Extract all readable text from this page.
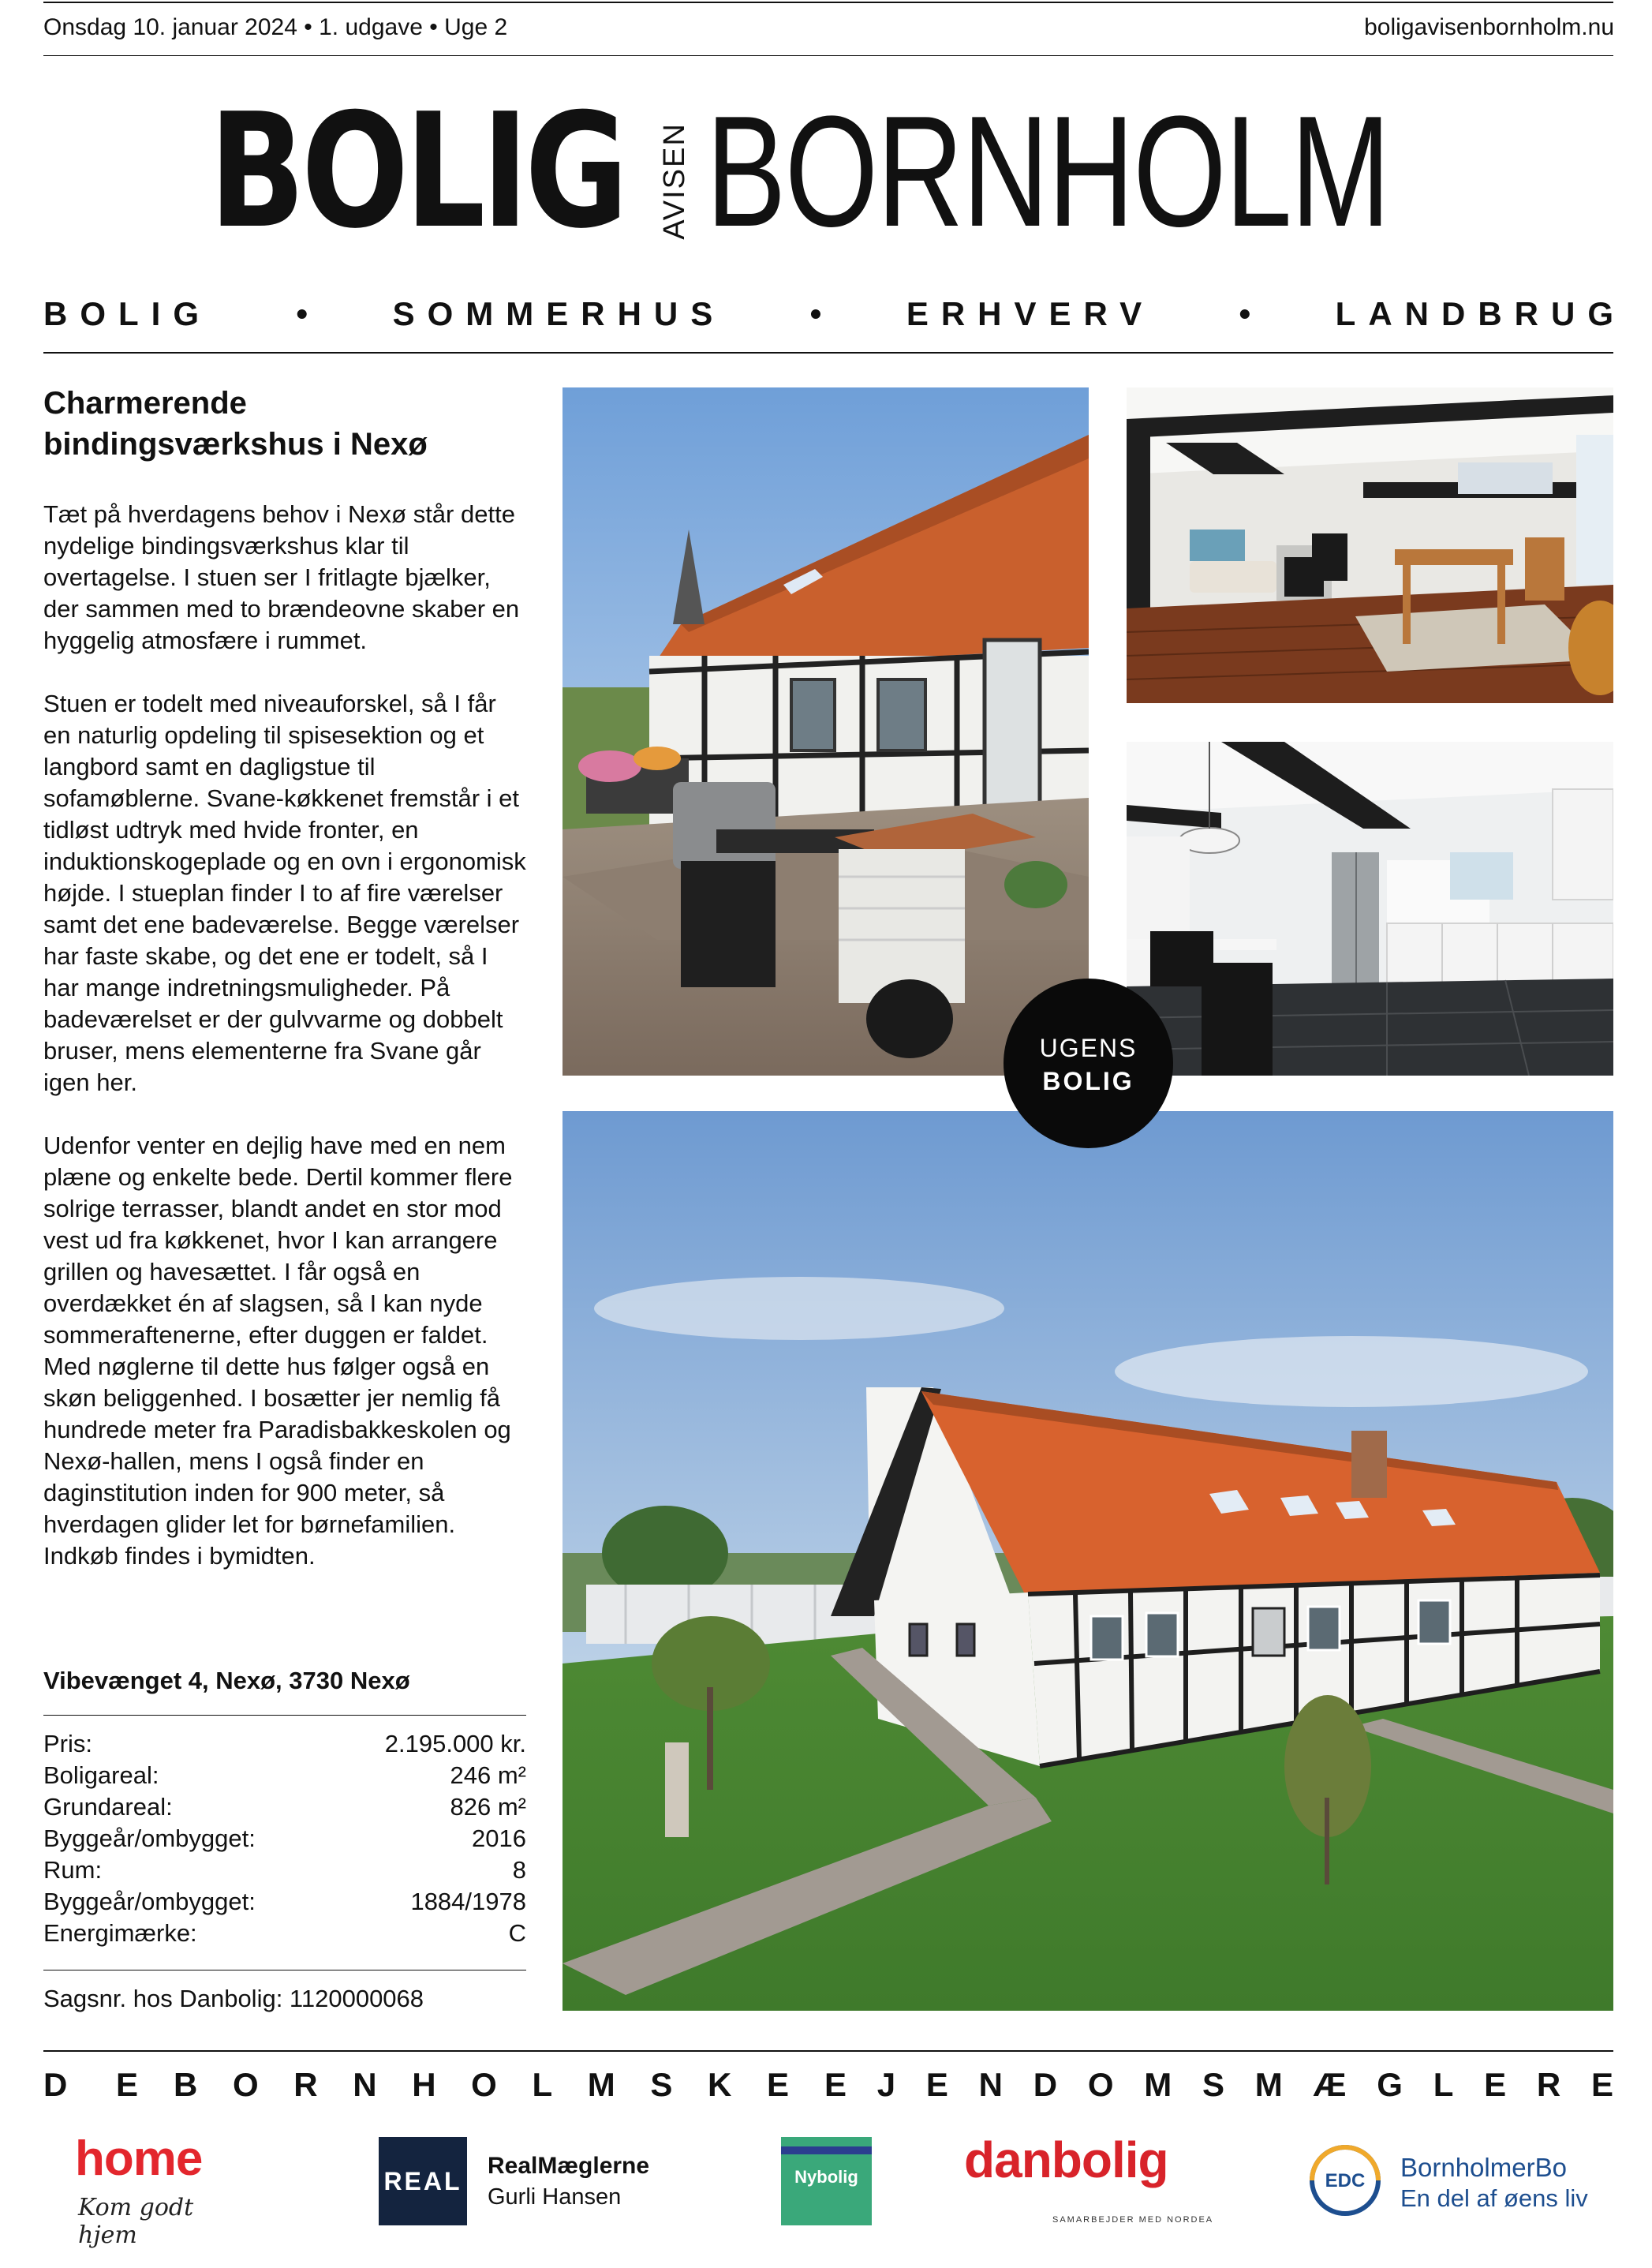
Onsdag 10. januar 2024 • 1. udgave • Uge 2	boligavisenbornholm.nu
BOLIG AVISEN BORNHOLM
BOLIG	•	SOMMERHUS	•	ERHVERV	•	LANDBRUG
Charmerende
bindingsværkshus i Nexø

Tæt på hverdagens behov i Nexø står dette nydelige bindingsværkshus klar til overtagelse. I stuen ser I fritlagte bjælker, der sammen med to brændeovne skaber en hyggelig atmosfære i rummet.

Stuen er todelt med niveauforskel, så I får en naturlig opdeling til spisesektion og et langbord samt en dagligstue til sofamøblerne. Svane-køkkenet fremstår i et tidløst udtryk med hvide fronter, en induktionskogeplade og en ovn i ergonomisk højde. I stueplan finder I to af fire værelser samt det ene badeværelse. Begge værelser har faste skabe, og det ene er todelt, så I har mange indretningsmuligheder. På badeværelset er der gulvvarme og dobbelt bruser, mens elementerne fra Svane går igen her.

Udenfor venter en dejlig have med en nem plæne og enkelte bede. Dertil kommer flere solrige terrasser, blandt andet en stor mod vest ud fra køkkenet, hvor I kan arrangere grillen og havesættet. I får også en overdækket én af slagsen, så I kan nyde sommeraftenerne, efter duggen er faldet. Med nøglerne til dette hus følger også en skøn beliggenhed. I bosætter jer nemlig få hundrede meter fra Paradisbakkeskolen og Nexø-hallen, mens I også finder en daginstitution inden for 900 meter, så hverdagen glider let for børnefamilien. Indkøb findes i bymidten.

Vibevænget 4, Nexø, 3730 Nexø
Pris:	2.195.000 kr.
Boligareal:	246 m²
Grundareal:	826 m²
Byggeår/ombygget:	2016
Rum:	8
Byggeår/ombygget:	1884/1978
Energimærke:	C
Sagsnr. hos Danbolig: 1120000068
UGENS
BOLIG
D E B O R N H O L M S K E E J E N D O M S M Æ G L E R E
home
Kom godt hjem
REAL
RealMæglerne
Gurli Hansen
Nybolig danbolig
SAMARBEJDER MED NORDEA
EDC	BornholmerBo
En del af øens liv
